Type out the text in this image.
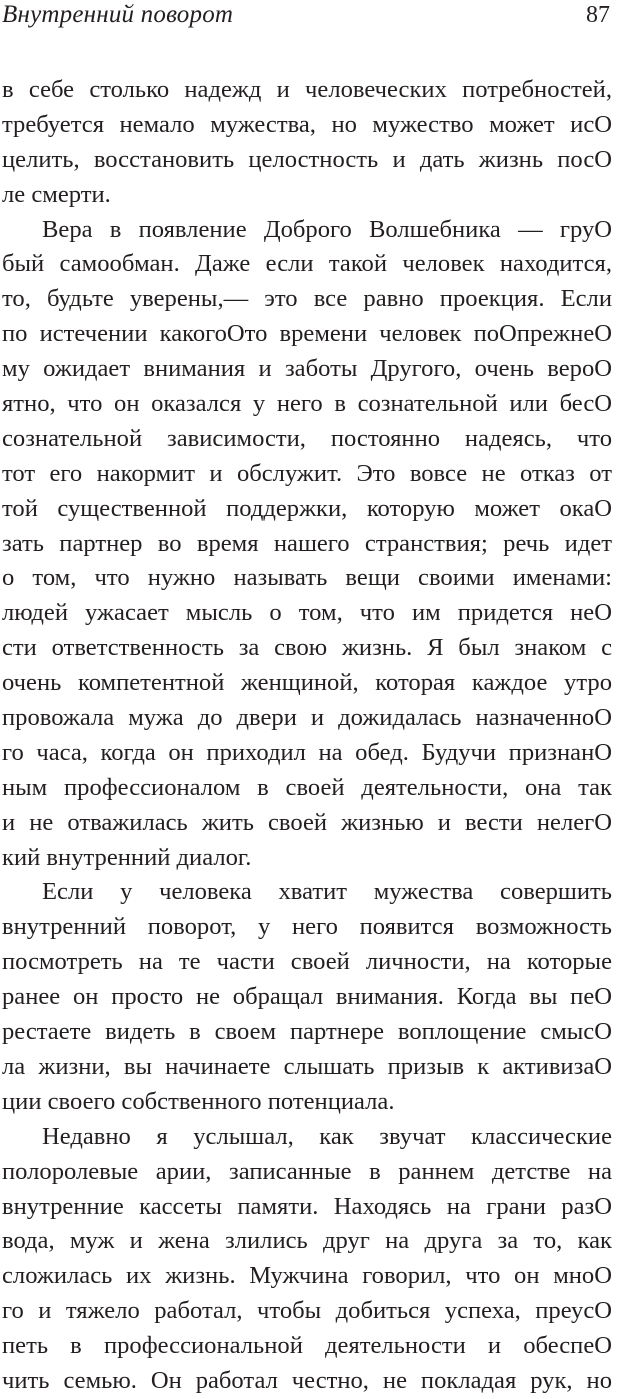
Внутренний поворот	87
в себе столько надежд и человеческих потребностей,
требуется немало мужества, но мужество может исO
целить, восстановить целостность и дать жизнь посO
ле смерти.
Вера в появление Доброго Волшебника — груO
бый самообман. Даже если такой человек находится,
то, будьте уверены,— это все равно проекция. Если
по истечении какогоOто времени человек поOпрежнеO
му ожидает внимания и заботы Другого, очень вероO
ятно, что он оказался у него в сознательной или бесO
сознательной зависимости, постоянно надеясь, что
тот его накормит и обслужит. Это вовсе не отказ от
той существенной поддержки, которую может окаO
зать партнер во время нашего странствия; речь идет
о том, что нужно называть вещи своими именами:
людей ужасает мысль о том, что им придется неO
сти ответственность за свою жизнь. Я был знаком с
очень компетентной женщиной, которая каждое утро
провожала мужа до двери и дожидалась назначенноO
го часа, когда он приходил на обед. Будучи признанO
ным профессионалом в своей деятельности, она так
и не отважилась жить своей жизнью и вести нелегO
кий внутренний диалог.
Если у человека хватит мужества совершить
внутренний поворот, у него появится возможность
посмотреть на те части своей личности, на которые
ранее он просто не обращал внимания. Когда вы пеO
рестаете видеть в своем партнере воплощение смысO
ла жизни, вы начинаете слышать призыв к активизаO
ции своего собственного потенциала.
Недавно я услышал, как звучат классические
полоролевые арии, записанные в раннем детстве на
внутренние кассеты памяти. Находясь на грани разO
вода, муж и жена злились друг на друга за то, как
сложилась их жизнь. Мужчина говорил, что он мноO
го и тяжело работал, чтобы добиться успеха, преусO
петь в профессиональной деятельности и обеспеO
чить семью. Он работал честно, не покладая рук, но
